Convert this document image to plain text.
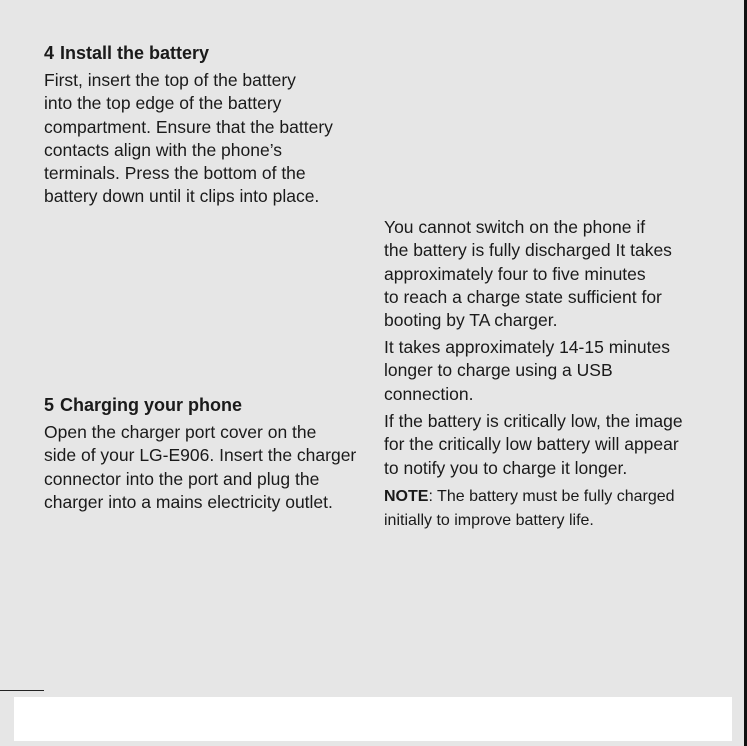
4 Install the battery

First, insert the top of the battery
into the top edge of the battery
compartment. Ensure that the battery
contacts align with the phone’s
terminals. Press the bottom of the
battery down until it clips into place.

5 Charging your phone

Open the charger port cover on the
side of your LG-E906. Insert the charger
connector into the port and plug the
charger into a mains electricity outlet.

You cannot switch on the phone if
the battery is fully discharged It takes
approximately four to five minutes
to reach a charge state sufficient for
booting by TA charger.

It takes approximately 14-15 minutes
longer to charge using a USB
connection.

If the battery is critically low, the image
for the critically low battery will appear
to notify you to charge it longer.

NOTE: The battery must be fully charged
initially to improve battery life.
